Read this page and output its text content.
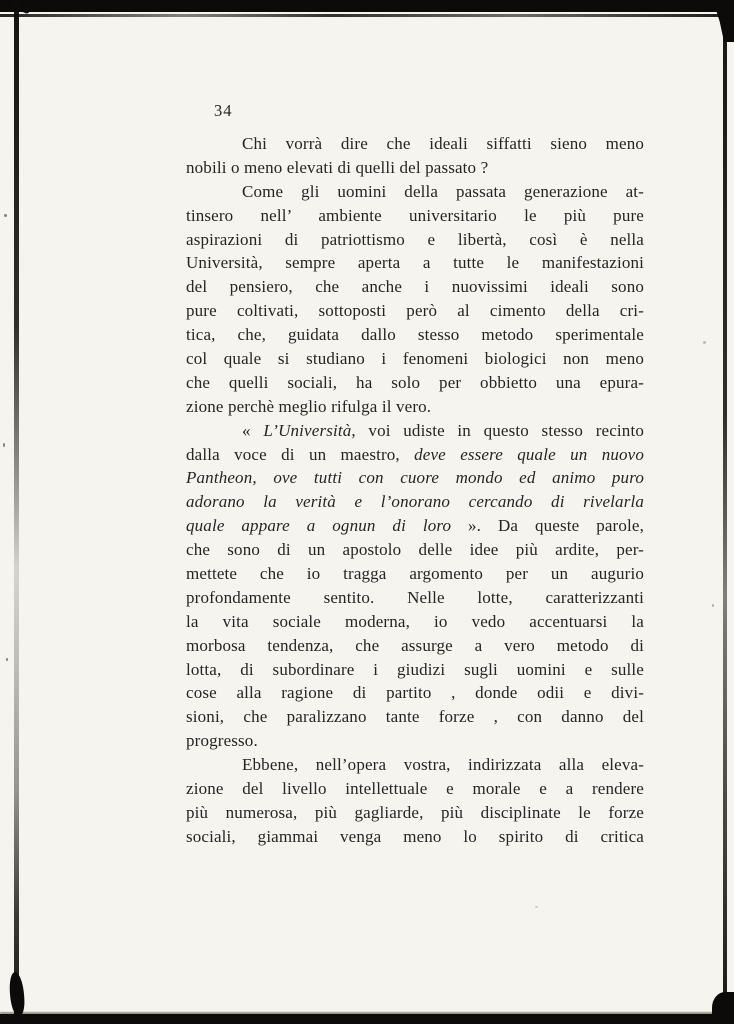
34
Chi vorrà dire che ideali siffatti sieno meno
nobili o meno elevati di quelli del passato ?
Come gli uomini della passata generazione at-
tinsero nell’ ambiente universitario le più pure
aspirazioni di patriottismo e libertà, così è nella
Università, sempre aperta a tutte le manifestazioni
del pensiero, che anche i nuovissimi ideali sono
pure coltivati, sottoposti però al cimento della cri-
tica, che, guidata dallo stesso metodo sperimentale
col quale si studiano i fenomeni biologici non meno
che quelli sociali, ha solo per obbietto una epura-
zione perchè meglio rifulga il vero.
« L’Università, voi udiste in questo stesso recinto
dalla voce di un maestro, deve essere quale un nuovo
Pantheon, ove tutti con cuore mondo ed animo puro
adorano la verità e l’onorano cercando di rivelarla
quale appare a ognun di loro ». Da queste parole,
che sono di un apostolo delle idee più ardite, per-
mettete che io tragga argomento per un augurio
profondamente sentito. Nelle lotte, caratterizzanti
la vita sociale moderna, io vedo accentuarsi la
morbosa tendenza, che assurge a vero metodo di
lotta, di subordinare i giudizi sugli uomini e sulle
cose alla ragione di partito , donde odii e divi-
sioni, che paralizzano tante forze , con danno del
progresso.
Ebbene, nell’opera vostra, indirizzata alla eleva-
zione del livello intellettuale e morale e a rendere
più numerosa, più gagliarde, più disciplinate le forze
sociali, giammai venga meno lo spirito di critica
